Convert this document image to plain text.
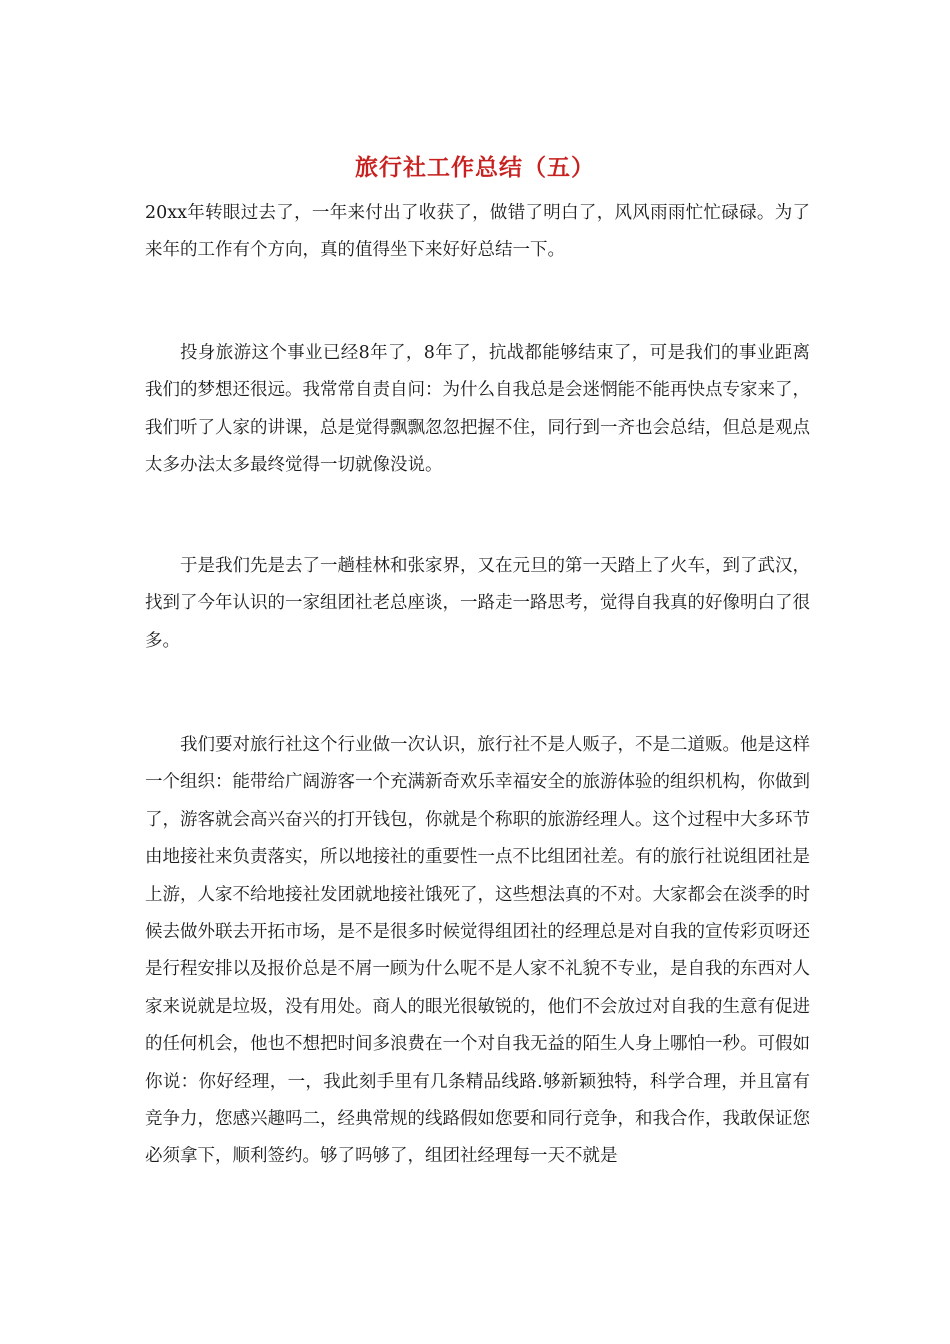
旅行社工作总结（五）

20xx年转眼过去了，一年来付出了收获了，做错了明白了，风风雨雨忙忙碌碌。为了来年的工作有个方向，真的值得坐下来好好总结一下。

投身旅游这个事业已经8年了，8年了，抗战都能够结束了，可是我们的事业距离我们的梦想还很远。我常常自责自问：为什么自我总是会迷惘能不能再快点专家来了，我们听了人家的讲课，总是觉得飘飘忽忽把握不住，同行到一齐也会总结，但总是观点太多办法太多最终觉得一切就像没说。

于是我们先是去了一趟桂林和张家界，又在元旦的第一天踏上了火车，到了武汉，找到了今年认识的一家组团社老总座谈，一路走一路思考，觉得自我真的好像明白了很多。

我们要对旅行社这个行业做一次认识，旅行社不是人贩子，不是二道贩。他是这样一个组织：能带给广阔游客一个充满新奇欢乐幸福安全的旅游体验的组织机构，你做到了，游客就会高兴奋兴的打开钱包，你就是个称职的旅游经理人。这个过程中大多环节由地接社来负责落实，所以地接社的重要性一点不比组团社差。有的旅行社说组团社是上游，人家不给地接社发团就地接社饿死了，这些想法真的不对。大家都会在淡季的时候去做外联去开拓市场，是不是很多时候觉得组团社的经理总是对自我的宣传彩页呀还是行程安排以及报价总是不屑一顾为什么呢不是人家不礼貌不专业，是自我的东西对人家来说就是垃圾，没有用处。商人的眼光很敏锐的，他们不会放过对自我的生意有促进的任何机会，他也不想把时间多浪费在一个对自我无益的陌生人身上哪怕一秒。可假如你说：你好经理，一，我此刻手里有几条精品线路.够新颖独特，科学合理，并且富有竞争力，您感兴趣吗二，经典常规的线路假如您要和同行竞争，和我合作，我敢保证您必须拿下，顺利签约。够了吗够了，组团社经理每一天不就是
